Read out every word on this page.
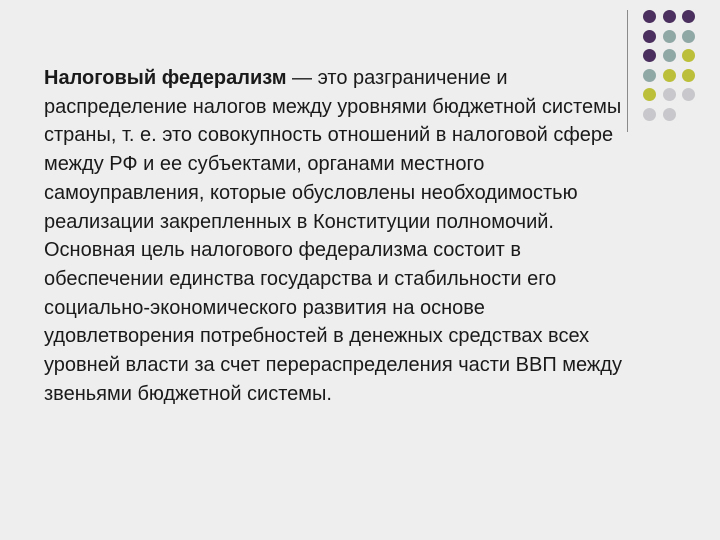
Налоговый федерализм — это разграничение и распределение налогов между уровнями бюджетной системы страны, т. е. это совокупность отношений в налоговой сфере между РФ и ее субъектами, органами местного самоуправления, которые обусловлены необходимостью реализации закрепленных в Конституции полномочий.

Основная цель налогового федерализма состоит в обеспечении единства государства и стабильности его социально-экономического развития на основе удовлетворения потребностей в денежных средствах всех уровней власти за счет перераспределения части ВВП между звеньями бюджетной системы.
